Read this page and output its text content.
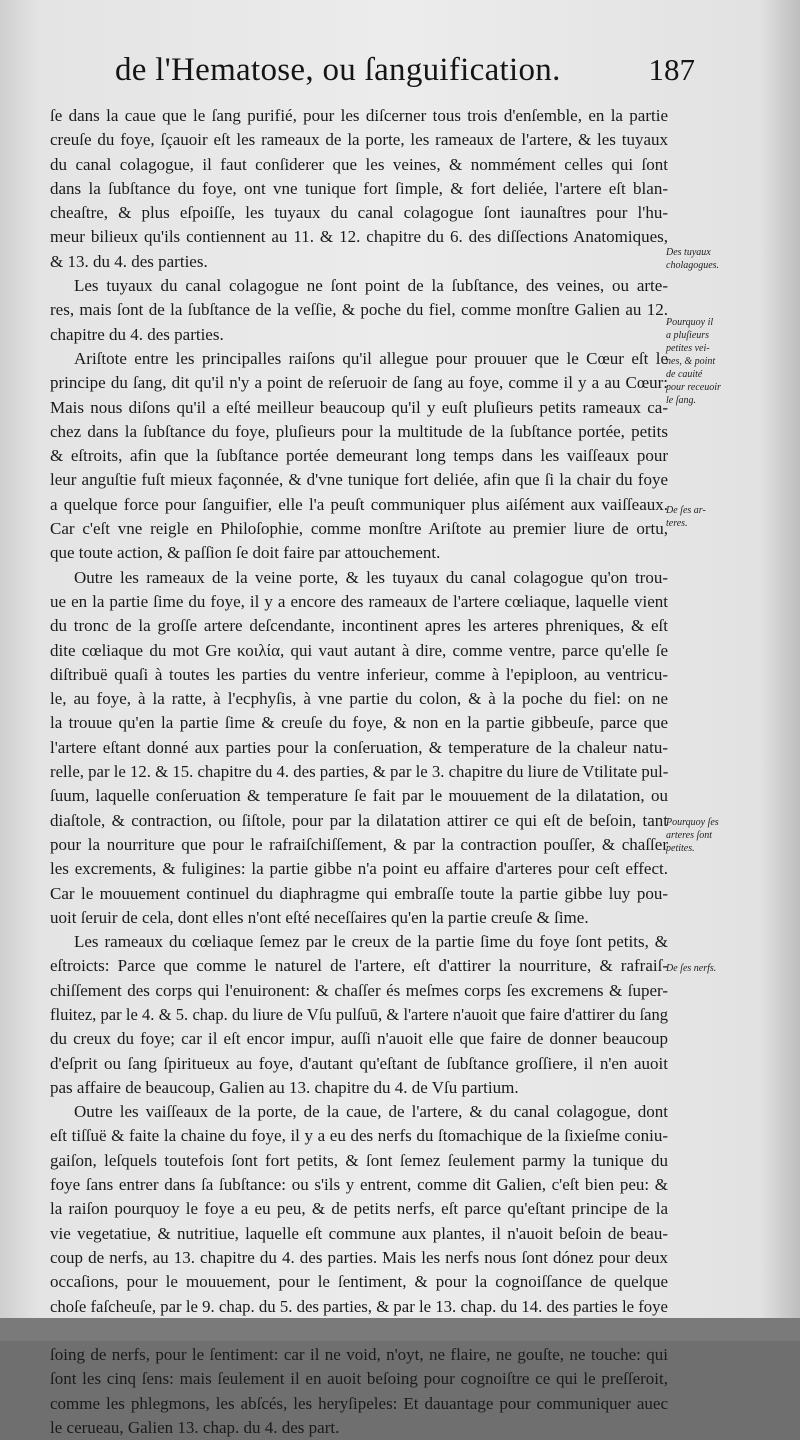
de l'Hematose, ou ſanguification.	187
ſe dans la caue que le ſang purifié, pour les diſcerner tous trois d'enſemble, en la partie
creuſe du foye, ſçauoir eſt les rameaux de la porte, les rameaux de l'artere, & les tuyaux
du canal colagogue, il faut conſiderer que les veines, & nommément celles qui ſont
dans la ſubſtance du foye, ont vne tunique fort ſimple, & fort deliée, l'artere eſt blan-
cheaſtre, & plus eſpoiſſe, les tuyaux du canal colagogue ſont iaunaſtres pour l'hu-
meur bilieux qu'ils contiennent au 11. & 12. chapitre du 6. des diſſections Anatomiques,
& 13. du 4. des parties.
Les tuyaux du canal colagogue ne ſont point de la ſubſtance, des veines, ou arte-
res, mais ſont de la ſubſtance de la veſſie, & poche du fiel, comme monſtre Galien au 12.
chapitre du 4. des parties.
Ariſtote entre les principalles raiſons qu'il allegue pour prouuer que le Cœur eſt le
principe du ſang, dit qu'il n'y a point de reſeruoir de ſang au foye, comme il y a au Cœur:
Mais nous diſons qu'il a eſté meilleur beaucoup qu'il y euſt pluſieurs petits rameaux ca-
chez dans la ſubſtance du foye, pluſieurs pour la multitude de la ſubſtance portée, petits
& eſtroits, afin que la ſubſtance portée demeurant long temps dans les vaiſſeaux pour
leur anguſtie fuſt mieux façonnée, & d'vne tunique fort deliée, afin que ſi la chair du foye
a quelque force pour ſanguifier, elle l'a peuſt communiquer plus aiſément aux vaiſſeaux.
Car c'eſt vne reigle en Philoſophie, comme monſtre Ariſtote au premier liure de ortu,
que toute action, & paſſion ſe doit faire par attouchement.
Outre les rameaux de la veine porte, & les tuyaux du canal colagogue qu'on trou-
ue en la partie ſime du foye, il y a encore des rameaux de l'artere cœliaque, laquelle vient
du tronc de la groſſe artere deſcendante, incontinent apres les arteres phreniques, & eſt
dite cœliaque du mot Gre κοιλία, qui vaut autant à dire, comme ventre, parce qu'elle ſe
diſtribuë quaſi à toutes les parties du ventre inferieur, comme à l'epiploon, au ventricu-
le, au foye, à la ratte, à l'ecphyſis, à vne partie du colon, & à la poche du fiel: on ne
la trouue qu'en la partie ſime & creuſe du foye, & non en la partie gibbeuſe, parce que
l'artere eſtant donné aux parties pour la conſeruation, & temperature de la chaleur natu-
relle, par le 12. & 15. chapitre du 4. des parties, & par le 3. chapitre du liure de Vtilitate pul-
ſuum, laquelle conſeruation & temperature ſe fait par le mouuement de la dilatation, ou
diaſtole, & contraction, ou ſiſtole, pour par la dilatation attirer ce qui eſt de beſoin, tant
pour la nourriture que pour le rafraiſchiſſement, & par la contraction pouſſer, & chaſſer
les excrements, & fuligines: la partie gibbe n'a point eu affaire d'arteres pour ceſt effect.
Car le mouuement continuel du diaphragme qui embraſſe toute la partie gibbe luy pou-
uoit ſeruir de cela, dont elles n'ont eſté neceſſaires qu'en la partie creuſe & ſime.
Les rameaux du cœliaque ſemez par le creux de la partie ſime du foye ſont petits, &
eſtroicts: Parce que comme le naturel de l'artere, eſt d'attirer la nourriture, & rafraiſ-
chiſſement des corps qui l'enuironent: & chaſſer és meſmes corps ſes excremens & ſuper-
fluitez, par le 4. & 5. chap. du liure de Vſu pulſuū, & l'artere n'auoit que faire d'attirer du ſang
du creux du foye; car il eſt encor impur, auſſi n'auoit elle que faire de donner beaucoup
d'eſprit ou ſang ſpiritueux au foye, d'autant qu'eſtant de ſubſtance groſſiere, il n'en auoit
pas affaire de beaucoup, Galien au 13. chapitre du 4. de Vſu partium.
Outre les vaiſſeaux de la porte, de la caue, de l'artere, & du canal colagogue, dont
eſt tiſſuë & faite la chaine du foye, il y a eu des nerfs du ſtomachique de la ſixieſme coniu-
gaiſon, leſquels toutefois ſont fort petits, & ſont ſemez ſeulement parmy la tunique du
foye ſans entrer dans ſa ſubſtance: ou s'ils y entrent, comme dit Galien, c'eſt bien peu: &
la raiſon pourquoy le foye a eu peu, & de petits nerfs, eſt parce qu'eſtant principe de la
vie vegetatiue, & nutritiue, laquelle eſt commune aux plantes, il n'auoit beſoin de beau-
coup de nerfs, au 13. chapitre du 4. des parties. Mais les nerfs nous ſont dónez pour deux
occaſions, pour le mouuement, pour le ſentiment, & pour la cognoiſſance de quelque
choſe faſcheuſe, par le 9. chap. du 5. des parties, & par le 13. chap. du 14. des parties le foye
ſoing de nerfs, pour le ſentiment: car il ne void, n'oyt, ne flaire, ne gouſte, ne touche: qui
ſont les cinq ſens: mais ſeulement il en auoit beſoing pour cognoiſtre ce qui le preſſeroit,
comme les phlegmons, les abſcés, les heryſipeles: Et dauantage pour communiquer auec
le cerueau, Galien 13. chap. du 4. des part.
Des tuyaux
cholagogues.
Pourquoy il
a pluſieurs
petites vei-
nes, & point
de cauité
pour receuoir
le ſang.
De ſes ar-
teres.
Pourquoy ſes
arteres ſont
petites.
De ſes nerfs.
